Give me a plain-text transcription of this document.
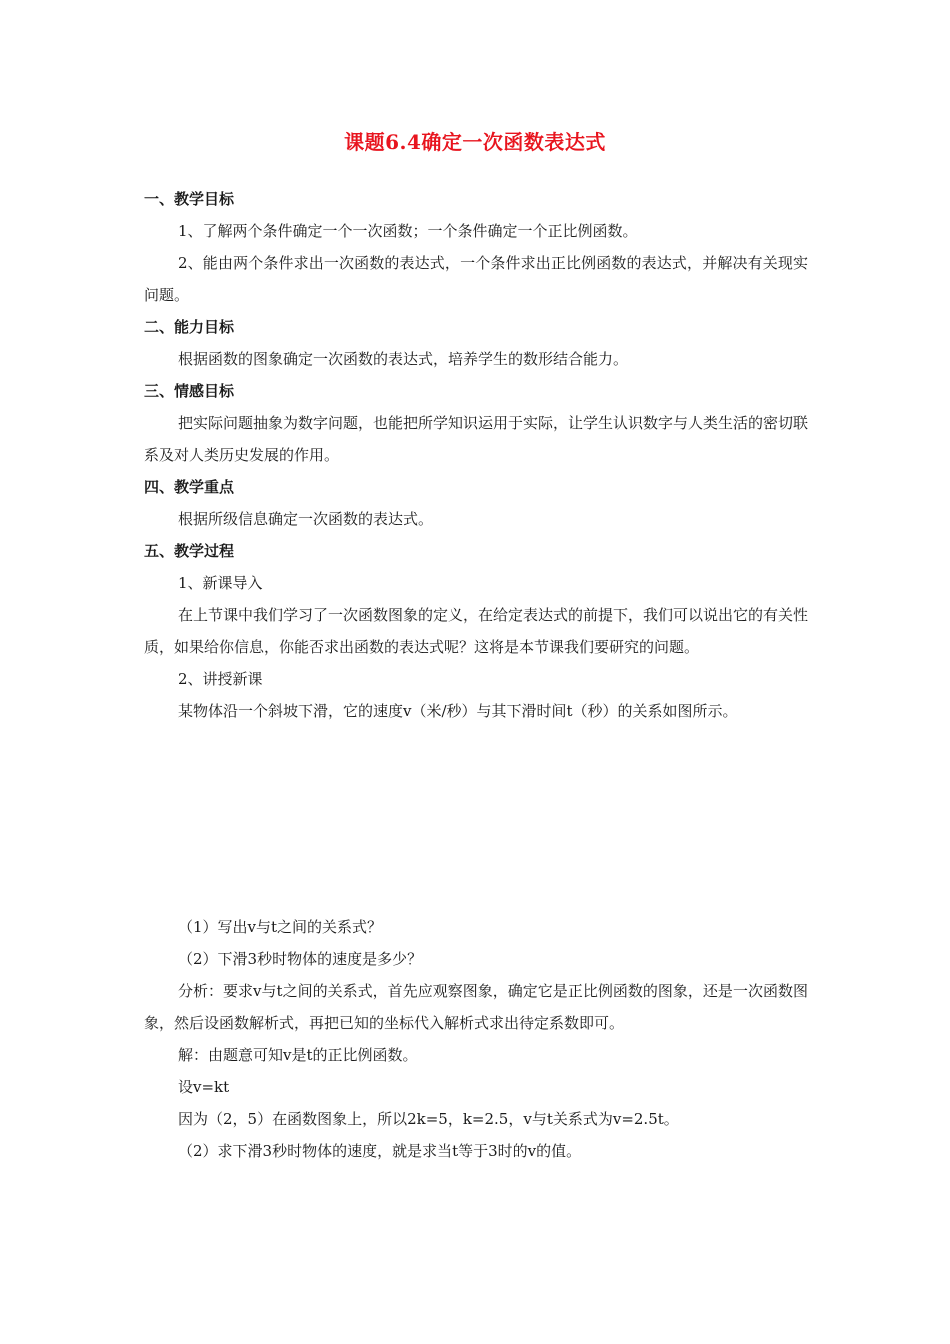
课题6.4确定一次函数表达式
一、教学目标
1、了解两个条件确定一个一次函数；一个条件确定一个正比例函数。
2、能由两个条件求出一次函数的表达式，一个条件求出正比例函数的表达式，并解决有关现实问题。
二、能力目标
根据函数的图象确定一次函数的表达式，培养学生的数形结合能力。
三、情感目标
把实际问题抽象为数字问题，也能把所学知识运用于实际，让学生认识数字与人类生活的密切联系及对人类历史发展的作用。
四、教学重点
根据所级信息确定一次函数的表达式。
五、教学过程
1、新课导入
在上节课中我们学习了一次函数图象的定义，在给定表达式的前提下，我们可以说出它的有关性质，如果给你信息，你能否求出函数的表达式呢？这将是本节课我们要研究的问题。
2、讲授新课
某物体沿一个斜坡下滑，它的速度v（米/秒）与其下滑时间t（秒）的关系如图所示。
（1）写出v与t之间的关系式？
（2）下滑3秒时物体的速度是多少？
分析：要求v与t之间的关系式，首先应观察图象，确定它是正比例函数的图象，还是一次函数图象，然后设函数解析式，再把已知的坐标代入解析式求出待定系数即可。
解：由题意可知v是t的正比例函数。
设v=kt
因为（2，5）在函数图象上，所以2k=5，k=2.5，v与t关系式为v=2.5t。
（2）求下滑3秒时物体的速度，就是求当t等于3时的v的值。
